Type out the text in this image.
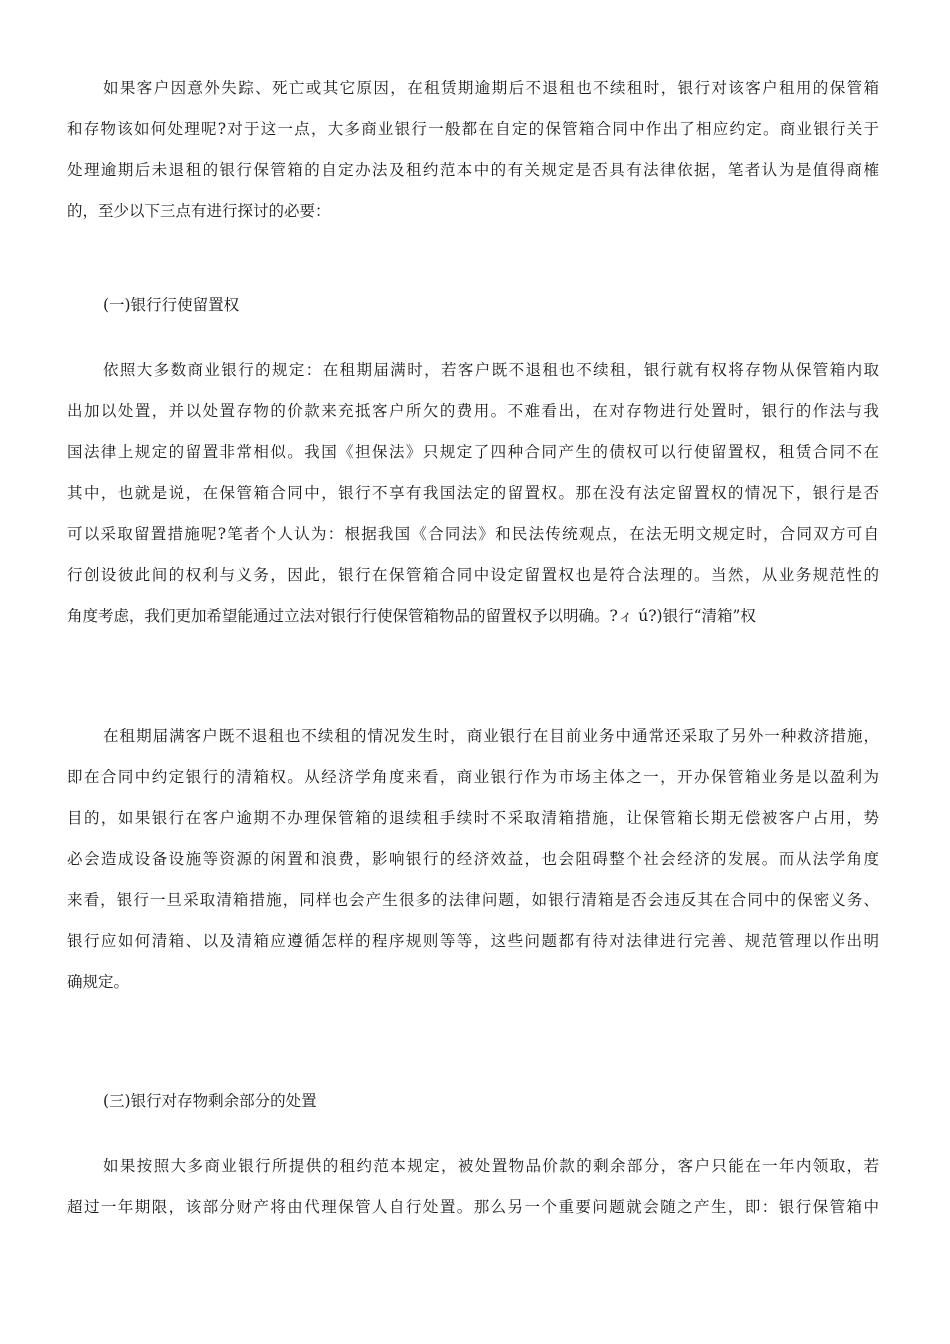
如果客户因意外失踪、死亡或其它原因，在租赁期逾期后不退租也不续租时，银行对该客户租用的保管箱
和存物该如何处理呢?对于这一点，大多商业银行一般都在自定的保管箱合同中作出了相应约定。商业银行关于
处理逾期后未退租的银行保管箱的自定办法及租约范本中的有关规定是否具有法律依据，笔者认为是值得商榷
的，至少以下三点有进行探讨的必要：
(一)银行行使留置权
依照大多数商业银行的规定：在租期届满时，若客户既不退租也不续租，银行就有权将存物从保管箱内取
出加以处置，并以处置存物的价款来充抵客户所欠的费用。不难看出，在对存物进行处置时，银行的作法与我
国法律上规定的留置非常相似。我国《担保法》只规定了四种合同产生的债权可以行使留置权，租赁合同不在
其中，也就是说，在保管箱合同中，银行不享有我国法定的留置权。那在没有法定留置权的情况下，银行是否
可以采取留置措施呢?笔者个人认为：根据我国《合同法》和民法传统观点，在法无明文规定时，合同双方可自
行创设彼此间的权利与义务，因此，银行在保管箱合同中设定留置权也是符合法理的。当然，从业务规范性的
角度考虑，我们更加希望能通过立法对银行行使保管箱物品的留置权予以明确。?ィ ú?)银行“清箱”权
在租期届满客户既不退租也不续租的情况发生时，商业银行在目前业务中通常还采取了另外一种救济措施，
即在合同中约定银行的清箱权。从经济学角度来看，商业银行作为市场主体之一，开办保管箱业务是以盈利为
目的，如果银行在客户逾期不办理保管箱的退续租手续时不采取清箱措施，让保管箱长期无偿被客户占用，势
必会造成设备设施等资源的闲置和浪费，影响银行的经济效益，也会阻碍整个社会经济的发展。而从法学角度
来看，银行一旦采取清箱措施，同样也会产生很多的法律问题，如银行清箱是否会违反其在合同中的保密义务、
银行应如何清箱、以及清箱应遵循怎样的程序规则等等，这些问题都有待对法律进行完善、规范管理以作出明
确规定。
(三)银行对存物剩余部分的处置
如果按照大多商业银行所提供的租约范本规定，被处置物品价款的剩余部分，客户只能在一年内领取，若
超过一年期限，该部分财产将由代理保管人自行处置。那么另一个重要问题就会随之产生，即：银行保管箱中
